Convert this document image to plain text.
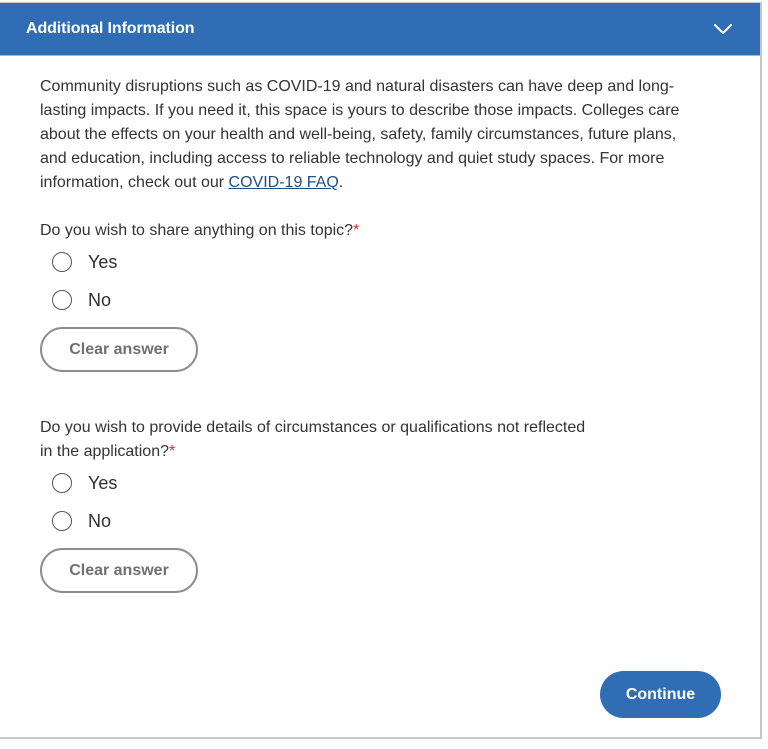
Additional Information

Community disruptions such as COVID-19 and natural disasters can have deep and long-lasting impacts. If you need it, this space is yours to describe those impacts. Colleges care about the effects on your health and well-being, safety, family circumstances, future plans, and education, including access to reliable technology and quiet study spaces. For more information, check out our COVID-19 FAQ.

Do you wish to share anything on this topic?*

Yes
No
Clear answer

Do you wish to provide details of circumstances or qualifications not reflected in the application?*

Yes
No
Clear answer
Continue
